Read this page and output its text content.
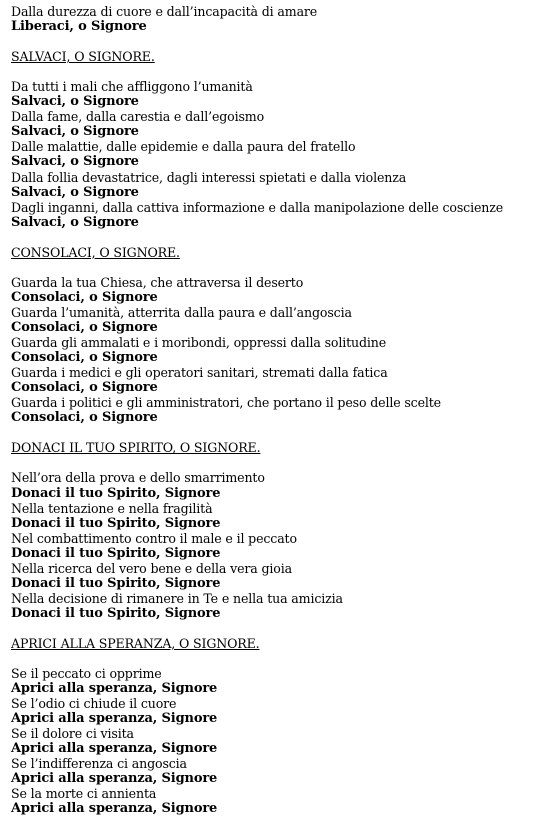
Dalla durezza di cuore e dall’incapacità di amare
Liberaci, o Signore
SALVACI, O SIGNORE.
Da tutti i mali che affliggono l’umanità
Salvaci, o Signore
Dalla fame, dalla carestia e dall’egoismo
Salvaci, o Signore
Dalle malattie, dalle epidemie e dalla paura del fratello
Salvaci, o Signore
Dalla follia devastatrice, dagli interessi spietati e dalla violenza
Salvaci, o Signore
Dagli inganni, dalla cattiva informazione e dalla manipolazione delle coscienze
Salvaci, o Signore
CONSOLACI, O SIGNORE.
Guarda la tua Chiesa, che attraversa il deserto
Consolaci, o Signore
Guarda l’umanità, atterrita dalla paura e dall’angoscia
Consolaci, o Signore
Guarda gli ammalati e i moribondi, oppressi dalla solitudine
Consolaci, o Signore
Guarda i medici e gli operatori sanitari, stremati dalla fatica
Consolaci, o Signore
Guarda i politici e gli amministratori, che portano il peso delle scelte
Consolaci, o Signore
DONACI IL TUO SPIRITO, O SIGNORE.
Nell’ora della prova e dello smarrimento
Donaci il tuo Spirito, Signore
Nella tentazione e nella fragilità
Donaci il tuo Spirito, Signore
Nel combattimento contro il male e il peccato
Donaci il tuo Spirito, Signore
Nella ricerca del vero bene e della vera gioia
Donaci il tuo Spirito, Signore
Nella decisione di rimanere in Te e nella tua amicizia
Donaci il tuo Spirito, Signore
APRICI ALLA SPERANZA, O SIGNORE.
Se il peccato ci opprime
Aprici alla speranza, Signore
Se l’odio ci chiude il cuore
Aprici alla speranza, Signore
Se il dolore ci visita
Aprici alla speranza, Signore
Se l’indifferenza ci angoscia
Aprici alla speranza, Signore
Se la morte ci annienta
Aprici alla speranza, Signore
